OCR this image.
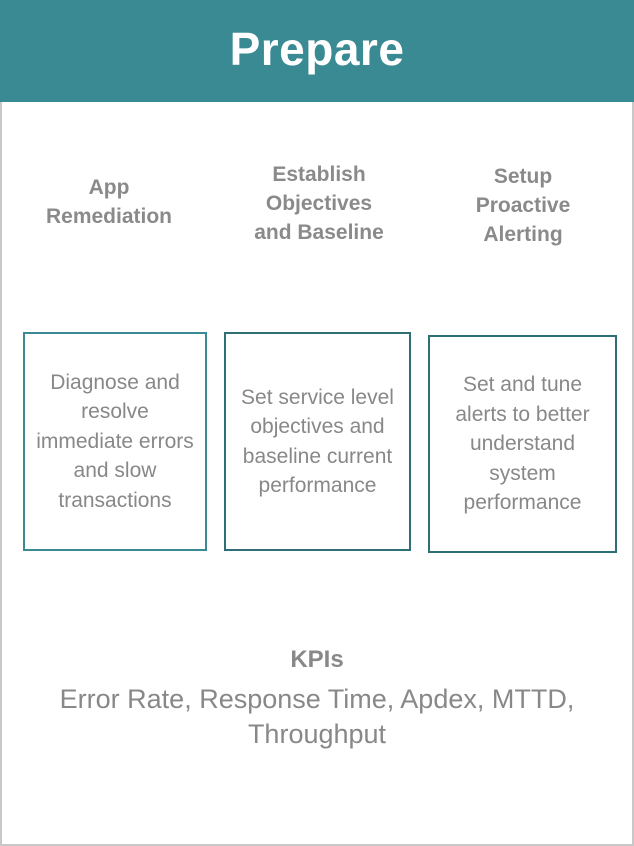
Prepare
App
Remediation
Establish
Objectives
and Baseline
Setup
Proactive
Alerting
Diagnose and resolve immediate errors and slow transactions
Set service level objectives and baseline current performance
Set and tune alerts to better understand system performance
KPIs
Error Rate, Response Time, Apdex, MTTD, Throughput
